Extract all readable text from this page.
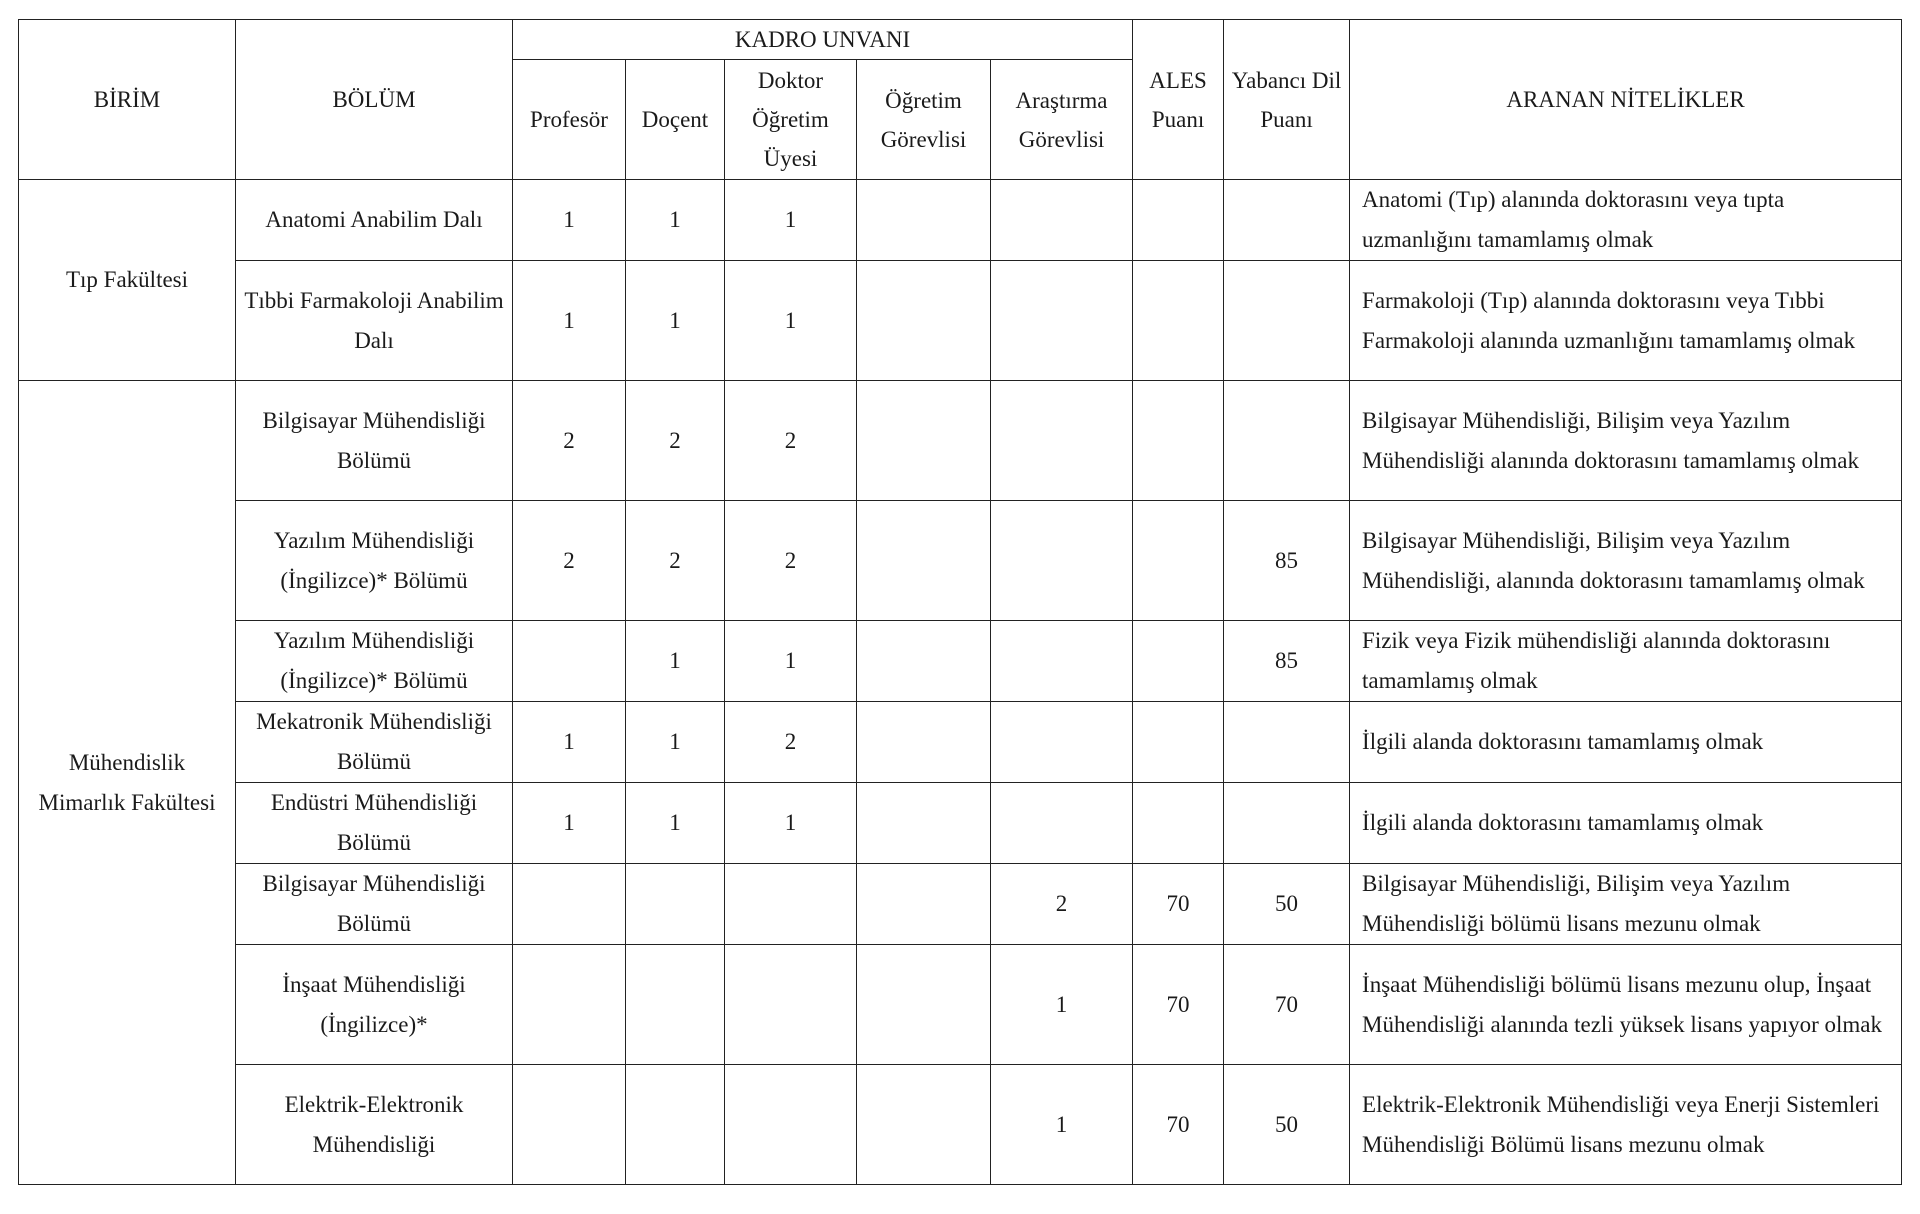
BİRİM	BÖLÜM	KADRO UNVANI					ALES Puanı	Yabancı Dil Puanı	ARANAN NİTELİKLER
		Profesör	Doçent	Doktor Öğretim Üyesi	Öğretim Görevlisi	Araştırma Görevlisi			
Tıp Fakültesi	Anatomi Anabilim Dalı	1	1	1					Anatomi (Tıp) alanında doktorasını veya tıpta uzmanlığını tamamlamış olmak
	Tıbbi Farmakoloji Anabilim Dalı	1	1	1					Farmakoloji (Tıp) alanında doktorasını veya Tıbbi Farmakoloji alanında uzmanlığını tamamlamış olmak
Mühendislik Mimarlık Fakültesi	Bilgisayar Mühendisliği Bölümü	2	2	2					Bilgisayar Mühendisliği, Bilişim veya Yazılım Mühendisliği alanında doktorasını tamamlamış olmak
	Yazılım Mühendisliği (İngilizce)* Bölümü	2	2	2				85	Bilgisayar Mühendisliği, Bilişim veya Yazılım Mühendisliği, alanında doktorasını tamamlamış olmak
	Yazılım Mühendisliği (İngilizce)* Bölümü		1	1				85	Fizik veya Fizik mühendisliği alanında doktorasını tamamlamış olmak
	Mekatronik Mühendisliği Bölümü	1	1	2					İlgili alanda doktorasını tamamlamış olmak
	Endüstri Mühendisliği Bölümü	1	1	1					İlgili alanda doktorasını tamamlamış olmak
	Bilgisayar Mühendisliği Bölümü					2	70	50	Bilgisayar Mühendisliği, Bilişim veya Yazılım Mühendisliği bölümü lisans mezunu olmak
	İnşaat Mühendisliği (İngilizce)*					1	70	70	İnşaat Mühendisliği bölümü lisans mezunu olup, İnşaat Mühendisliği alanında tezli yüksek lisans yapıyor olmak
	Elektrik-Elektronik Mühendisliği					1	70	50	Elektrik-Elektronik Mühendisliği veya Enerji Sistemleri Mühendisliği Bölümü lisans mezunu olmak
